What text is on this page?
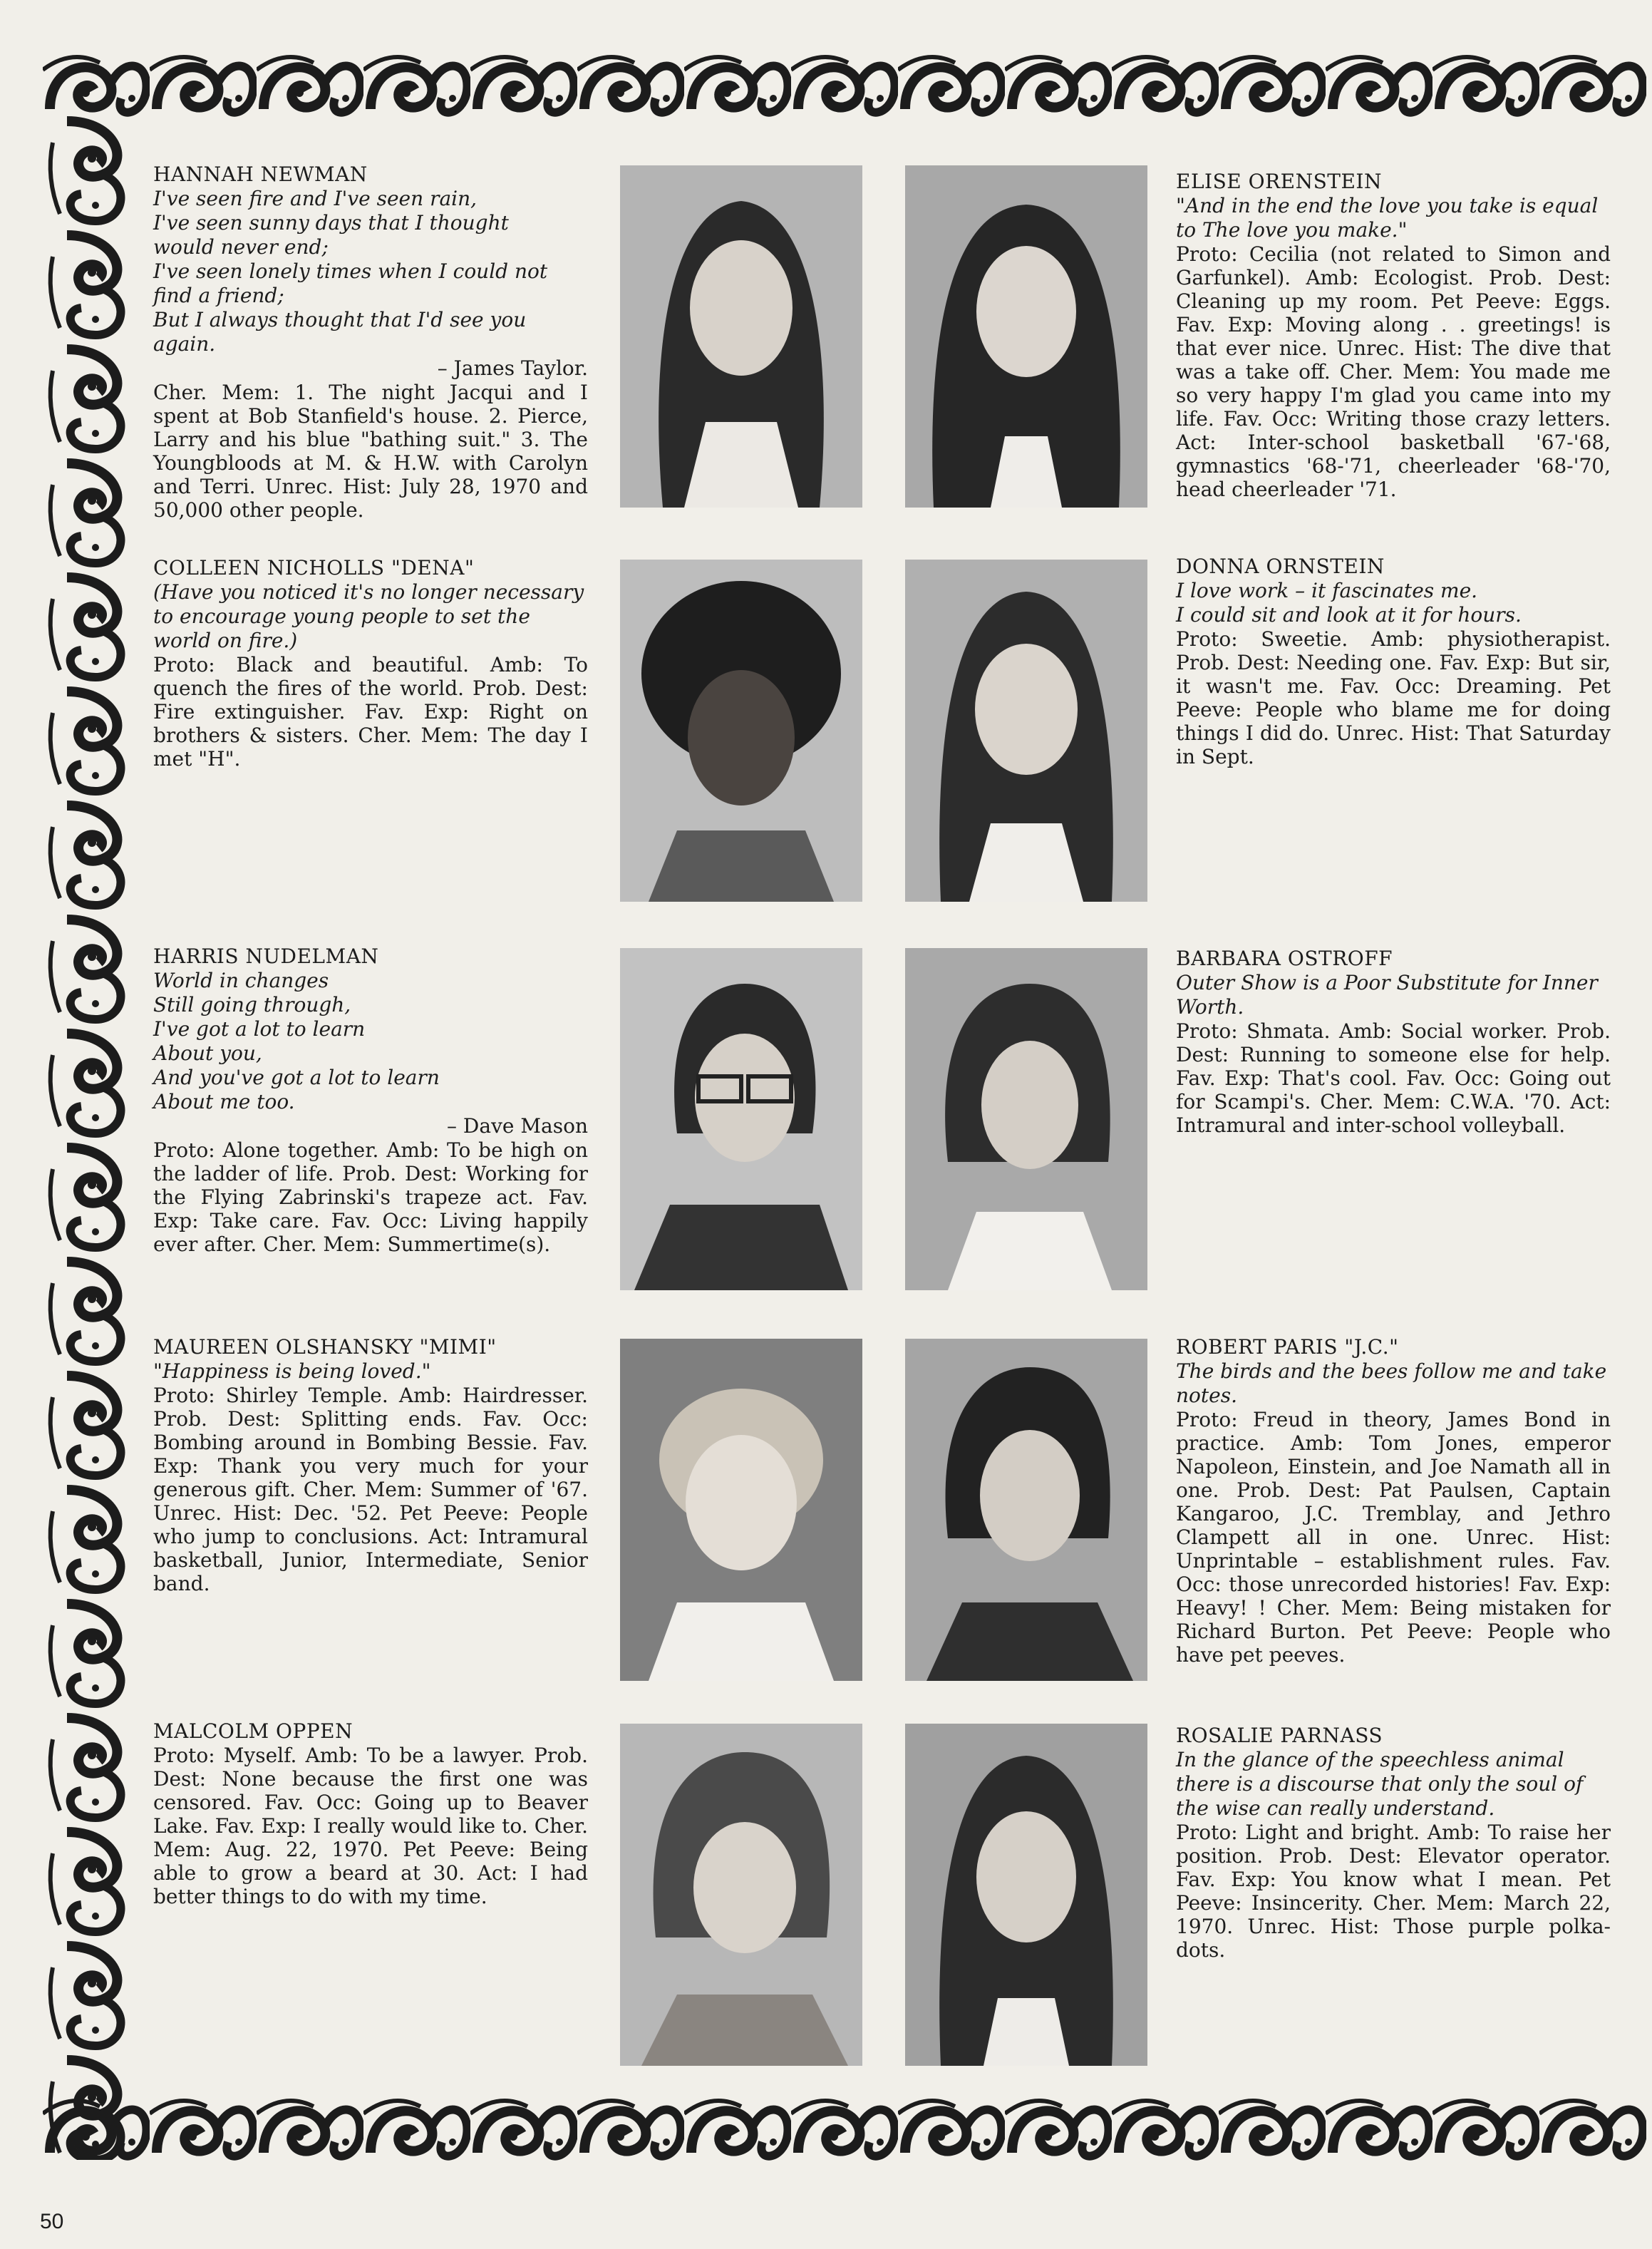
50

HANNAH NEWMAN

I've seen fire and I've seen rain,
I've seen sunny days that I thought
would never end;
I've seen lonely times when I could not
find a friend;
But I always thought that I'd see you
again.

– James Taylor.

Cher. Mem: 1. The night Jacqui and I spent at Bob Stanfield's house. 2. Pierce, Larry and his blue "bathing suit." 3. The Youngbloods at M. & H.W. with Carolyn and Terri. Unrec. Hist: July 28, 1970 and 50,000 other people.

ELISE ORENSTEIN

"And in the end the love you take is equal to The love you make."

Proto: Cecilia (not related to Simon and Garfunkel). Amb: Ecologist. Prob. Dest: Cleaning up my room. Pet Peeve: Eggs. Fav. Exp: Moving along . . greetings! is that ever nice. Unrec. Hist: The dive that was a take off. Cher. Mem: You made me so very happy I'm glad you came into my life. Fav. Occ: Writing those crazy letters. Act: Inter-school basketball '67-'68, gymnastics '68-'71, cheerleader '68-'70, head cheerleader '71.

COLLEEN NICHOLLS "DENA"

(Have you noticed it's no longer necessary to encourage young people to set the world on fire.)

Proto: Black and beautiful. Amb: To quench the fires of the world. Prob. Dest: Fire extinguisher. Fav. Exp: Right on brothers & sisters. Cher. Mem: The day I met "H".

DONNA ORNSTEIN

I love work – it fascinates me.
I could sit and look at it for hours.

Proto: Sweetie. Amb: physiotherapist. Prob. Dest: Needing one. Fav. Exp: But sir, it wasn't me. Fav. Occ: Dreaming. Pet Peeve: People who blame me for doing things I did do. Unrec. Hist: That Saturday in Sept.

HARRIS NUDELMAN

World in changes
Still going through,
I've got a lot to learn
About you,
And you've got a lot to learn
About me too.

– Dave Mason

Proto: Alone together. Amb: To be high on the ladder of life. Prob. Dest: Working for the Flying Zabrinski's trapeze act. Fav. Exp: Take care. Fav. Occ: Living happily ever after. Cher. Mem: Summertime(s).

BARBARA OSTROFF

Outer Show is a Poor Substitute for Inner Worth.

Proto: Shmata. Amb: Social worker. Prob. Dest: Running to someone else for help. Fav. Exp: That's cool. Fav. Occ: Going out for Scampi's. Cher. Mem: C.W.A. '70. Act: Intramural and inter-school volleyball.

MAUREEN OLSHANSKY "MIMI"

"Happiness is being loved."

Proto: Shirley Temple. Amb: Hairdresser. Prob. Dest: Splitting ends. Fav. Occ: Bombing around in Bombing Bessie. Fav. Exp: Thank you very much for your generous gift. Cher. Mem: Summer of '67. Unrec. Hist: Dec. '52. Pet Peeve: People who jump to conclusions. Act: Intramural basketball, Junior, Intermediate, Senior band.

ROBERT PARIS "J.C."

The birds and the bees follow me and take notes.

Proto: Freud in theory, James Bond in practice. Amb: Tom Jones, emperor Napoleon, Einstein, and Joe Namath all in one. Prob. Dest: Pat Paulsen, Captain Kangaroo, J.C. Tremblay, and Jethro Clampett all in one. Unrec. Hist: Unprintable – establishment rules. Fav. Occ: those unrecorded histories! Fav. Exp: Heavy! ! Cher. Mem: Being mistaken for Richard Burton. Pet Peeve: People who have pet peeves.

MALCOLM OPPEN

Proto: Myself. Amb: To be a lawyer. Prob. Dest: None because the first one was censored. Fav. Occ: Going up to Beaver Lake. Fav. Exp: I really would like to. Cher. Mem: Aug. 22, 1970. Pet Peeve: Being able to grow a beard at 30. Act: I had better things to do with my time.

ROSALIE PARNASS

In the glance of the speechless animal there is a discourse that only the soul of the wise can really understand.

Proto: Light and bright. Amb: To raise her position. Prob. Dest: Elevator operator. Fav. Exp: You know what I mean. Pet Peeve: Insincerity. Cher. Mem: March 22, 1970. Unrec. Hist: Those purple polka-dots.
